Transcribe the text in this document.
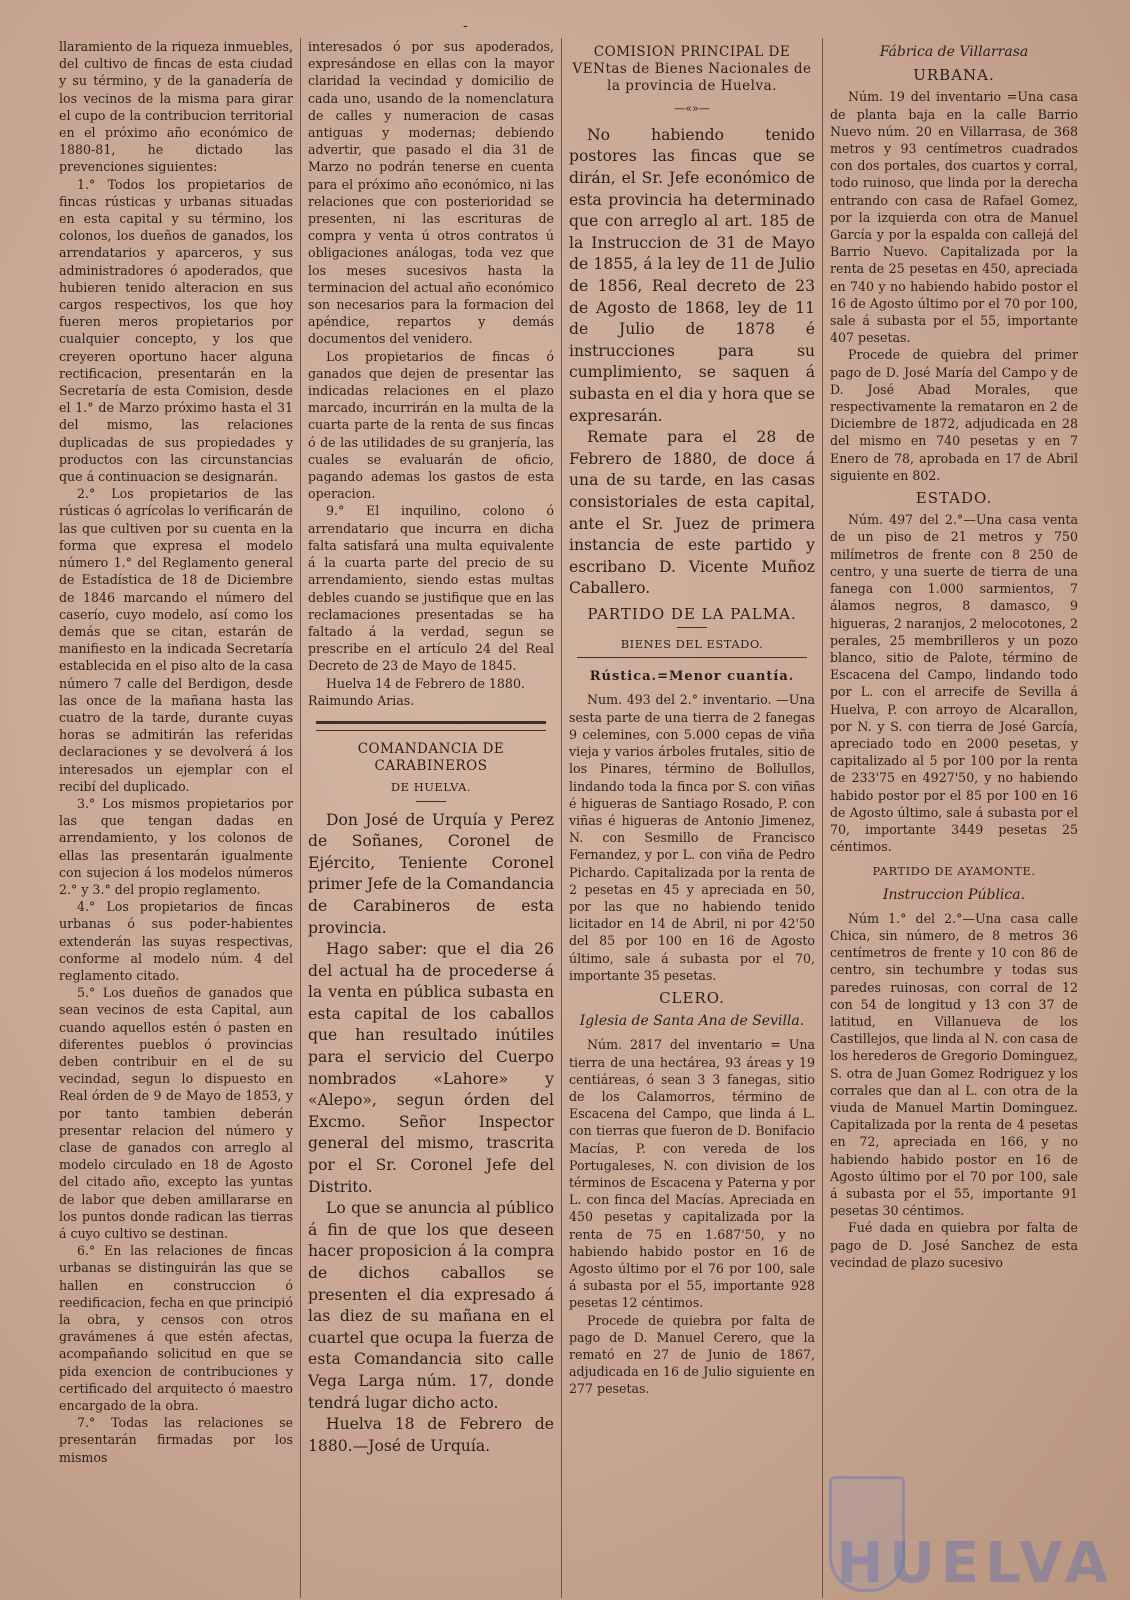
-

llaramiento de la riqueza inmuebles, del cultivo de fincas de esta ciudad y su término, y de la ganadería de los vecinos de la misma para girar el cupo de la contribucion territorial en el próximo año económico de 1880-81, he dictado las prevenciones siguientes:

1.° Todos los propietarios de fincas rústicas y urbanas situadas en esta capital y su término, los colonos, los dueños de ganados, los arrendatarios y aparceros, y sus administradores ó apoderados, que hubieren tenido alteracion en sus cargos respectivos, los que hoy fueren meros propietarios por cualquier concepto, y los que creyeren oportuno hacer alguna rectificacion, presentarán en la Secretaría de esta Comision, desde el 1.° de Marzo próximo hasta el 31 del mismo, las relaciones duplicadas de sus propiedades y productos con las circunstancias que á continuacion se designarán.

2.° Los propietarios de las rústicas ó agrícolas lo verificarán de las que cultiven por su cuenta en la forma que expresa el modelo número 1.° del Reglamento general de Estadística de 18 de Diciembre de 1846 marcando el número del caserío, cuyo modelo, así como los demás que se citan, estarán de manifiesto en la indicada Secretaría establecida en el piso alto de la casa número 7 calle del Berdigon, desde las once de la mañana hasta las cuatro de la tarde, durante cuyas horas se admitirán las referidas declaraciones y se devolverá á los interesados un ejemplar con el recibí del duplicado.

3.° Los mismos propietarios por las que tengan dadas en arrendamiento, y los colonos de ellas las presentarán igualmente con sujecion á los modelos números 2.° y 3.° del propio reglamento.

4.° Los propietarios de fincas urbanas ó sus poder-habientes extenderán las suyas respectivas, conforme al modelo núm. 4 del reglamento citado.

5.° Los dueños de ganados que sean vecinos de esta Capital, aun cuando aquellos estén ó pasten en diferentes pueblos ó provincias deben contribuir en el de su vecindad, segun lo dispuesto en Real órden de 9 de Mayo de 1853, y por tanto tambien deberán presentar relacion del número y clase de ganados con arreglo al modelo circulado en 18 de Agosto del citado año, excepto las yuntas de labor que deben amillararse en los puntos donde radican las tierras á cuyo cultivo se destinan.

6.° En las relaciones de fincas urbanas se distinguirán las que se hallen en construccion ó reedificacion, fecha en que principió la obra, y censos con otros gravámenes á que estén afectas, acompañando solicitud en que se pida exencion de contribuciones y certificado del arquitecto ó maestro encargado de la obra.

7.° Todas las relaciones se presentarán firmadas por los mismos

interesados ó por sus apoderados, expresándose en ellas con la mayor claridad la vecindad y domicilio de cada uno, usando de la nomenclatura de calles y numeracion de casas antiguas y modernas; debiendo advertir, que pasado el dia 31 de Marzo no podrán tenerse en cuenta para el próximo año económico, ni las relaciones que con posterioridad se presenten, ni las escrituras de compra y venta ú otros contratos ú obligaciones análogas, toda vez que los meses sucesivos hasta la terminacion del actual año económico son necesarios para la formacion del apéndice, repartos y demás documentos del venidero.

Los propietarios de fincas ó ganados que dejen de presentar las indicadas relaciones en el plazo marcado, incurrirán en la multa de la cuarta parte de la renta de sus fincas ó de las utilidades de su granjería, las cuales se evaluarán de oficio, pagando ademas los gastos de esta operacion.

9.° El inquilino, colono ó arrendatario que incurra en dicha falta satisfará una multa equivalente á la cuarta parte del precio de su arrendamiento, siendo estas multas debles cuando se justifique que en las reclamaciones presentadas se ha faltado á la verdad, segun se prescribe en el artículo 24 del Real Decreto de 23 de Mayo de 1845.

Huelva 14 de Febrero de 1880.

Raimundo Arias.

COMANDANCIA DE CARABINEROS
DE HUELVA.

Don José de Urquía y Perez de Soñanes, Coronel de Ejército, Teniente Coronel primer Jefe de la Comandancia de Carabineros de esta provincia.

Hago saber: que el dia 26 del actual ha de procederse á la venta en pública subasta en esta capital de los caballos que han resultado inútiles para el servicio del Cuerpo nombrados «Lahore» y «Alepo», segun órden del Excmo. Señor Inspector general del mismo, trascrita por el Sr. Coronel Jefe del Distrito.

Lo que se anuncia al público á fin de que los que deseen hacer proposicion á la compra de dichos caballos se presenten el dia expresado á las diez de su mañana en el cuartel que ocupa la fuerza de esta Comandancia sito calle Vega Larga núm. 17, donde tendrá lugar dicho acto.

Huelva 18 de Febrero de 1880.—José de Urquía.

COMISION PRINCIPAL DE VENtas de Bienes Nacionales de la provincia de Huelva.
—«»—

No habiendo tenido postores las fincas que se dirán, el Sr. Jefe económico de esta provincia ha determinado que con arreglo al art. 185 de la Instruccion de 31 de Mayo de 1855, á la ley de 11 de Julio de 1856, Real decreto de 23 de Agosto de 1868, ley de 11 de Julio de 1878 é instrucciones para su cumplimiento, se saquen á subasta en el dia y hora que se expresarán.

Remate para el 28 de Febrero de 1880, de doce á una de su tarde, en las casas consistoriales de esta capital, ante el Sr. Juez de primera instancia de este partido y escribano D. Vicente Muñoz Caballero.

PARTIDO DE LA PALMA.
BIENES DEL ESTADO.
Rústica.=Menor cuantía.

Num. 493 del 2.° inventario. —Una sesta parte de una tierra de 2 fanegas 9 celemines, con 5.000 cepas de viña vieja y varios árboles frutales, sitio de los Pinares, término de Bollullos, lindando toda la finca por S. con viñas é higueras de Santiago Rosado, P. con viñas é higueras de Antonio Jimenez, N. con Sesmillo de Francisco Fernandez, y por L. con viña de Pedro Pichardo. Capitalizada por la renta de 2 pesetas en 45 y apreciada en 50, por las que no habiendo tenido licitador en 14 de Abril, ni por 42'50 del 85 por 100 en 16 de Agosto último, sale á subasta por el 70, importante 35 pesetas.

CLERO.
Iglesia de Santa Ana de Sevilla.

Núm. 2817 del inventario = Una tierra de una hectárea, 93 áreas y 19 centiáreas, ó sean 3 3 fanegas, sitio de los Calamorros, término de Escacena del Campo, que linda á L. con tierras que fueron de D. Bonifacio Macías, P. con vereda de los Portugaleses, N. con division de los términos de Escacena y Paterna y por L. con finca del Macías. Apreciada en 450 pesetas y capitalizada por la renta de 75 en 1.687'50, y no habiendo habido postor en 16 de Agosto último por el 76 por 100, sale á subasta por el 55, importante 928 pesetas 12 céntimos.

Procede de quiebra por falta de pago de D. Manuel Cerero, que la remató en 27 de Junio de 1867, adjudicada en 16 de Julio siguiente en 277 pesetas.

Fábrica de Villarrasa
URBANA.

Núm. 19 del inventario =Una casa de planta baja en la calle Barrio Nuevo núm. 20 en Villarrasa, de 368 metros y 93 centímetros cuadrados con dos portales, dos cuartos y corral, todo ruinoso, que linda por la derecha entrando con casa de Rafael Gomez, por la izquierda con otra de Manuel García y por la espalda con callejá del Barrio Nuevo. Capitalizada por la renta de 25 pesetas en 450, apreciada en 740 y no habiendo habido postor el 16 de Agosto último por el 70 por 100, sale á subasta por el 55, importante 407 pesetas.

Procede de quiebra del primer pago de D. José María del Campo y de D. José Abad Morales, que respectivamente la remataron en 2 de Diciembre de 1872, adjudicada en 28 del mismo en 740 pesetas y en 7 Enero de 78, aprobada en 17 de Abril siguiente en 802.

ESTADO.

Núm. 497 del 2.°—Una casa venta de un piso de 21 metros y 750 milímetros de frente con 8 250 de centro, y una suerte de tierra de una fanega con 1.000 sarmientos, 7 álamos negros, 8 damasco, 9 higueras, 2 naranjos, 2 melocotones, 2 perales, 25 membrilleros y un pozo blanco, sitio de Palote, término de Escacena del Campo, lindando todo por L. con el arrecife de Sevilla á Huelva, P. con arroyo de Alcarallon, por N. y S. con tierra de José García, apreciado todo en 2000 pesetas, y capitalizado al 5 por 100 por la renta de 233'75 en 4927'50, y no habiendo habido postor por el 85 por 100 en 16 de Agosto último, sale á subasta por el 70, importante 3449 pesetas 25 céntimos.

PARTIDO DE AYAMONTE.
Instruccion Pública.

Núm 1.° del 2.°—Una casa calle Chica, sin número, de 8 metros 36 centímetros de frente y 10 con 86 de centro, sin techumbre y todas sus paredes ruinosas, con corral de 12 con 54 de longitud y 13 con 37 de latitud, en Villanueva de los Castillejos, que linda al N. con casa de los herederos de Gregorio Dominguez, S. otra de Juan Gomez Rodriguez y los corrales que dan al L. con otra de la viuda de Manuel Martin Dominguez. Capitalizada por la renta de 4 pesetas en 72, apreciada en 166, y no habiendo habido postor en 16 de Agosto último por el 70 por 100, sale á subasta por el 55, importante 91 pesetas 30 céntimos.

Fué dada en quiebra por falta de pago de D. José Sanchez de esta vecindad de plazo sucesivo

HUELVA
